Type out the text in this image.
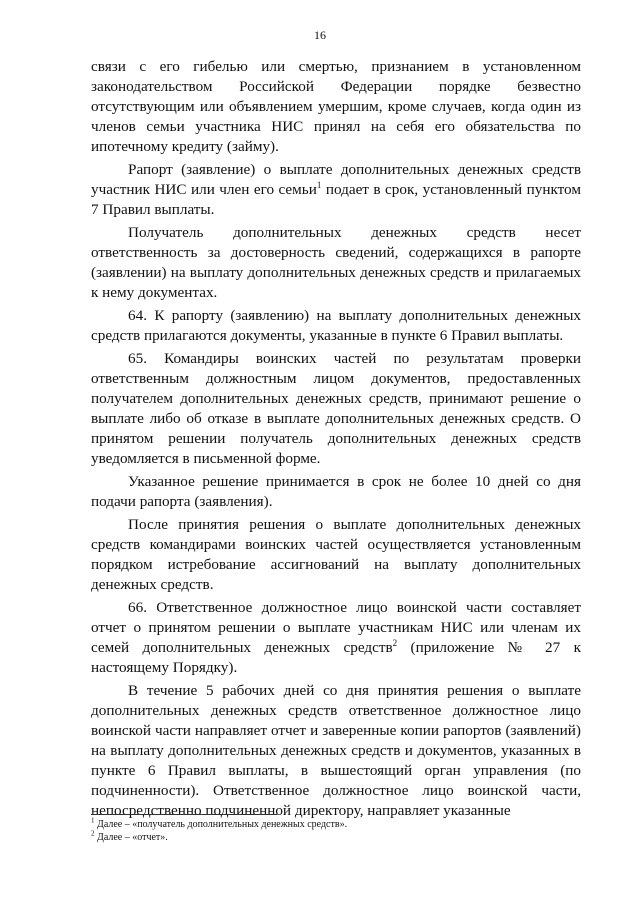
16

связи с его гибелью или смертью, признанием в установленном законодательством Российской Федерации порядке безвестно отсутствующим или объявлением умершим, кроме случаев, когда один из членов семьи участника НИС принял на себя его обязательства по ипотечному кредиту (займу).

Рапорт (заявление) о выплате дополнительных денежных средств участник НИС или член его семьи$^1$ подает в срок, установленный пунктом 7 Правил выплаты.

Получатель дополнительных денежных средств несет ответственность за достоверность сведений, содержащихся в рапорте (заявлении) на выплату дополнительных денежных средств и прилагаемых к нему документах.

64. К рапорту (заявлению) на выплату дополнительных денежных средств прилагаются документы, указанные в пункте 6 Правил выплаты.

65. Командиры воинских частей по результатам проверки ответственным должностным лицом документов, предоставленных получателем дополнительных денежных средств, принимают решение о выплате либо об отказе в выплате дополнительных денежных средств. О принятом решении получатель дополнительных денежных средств уведомляется в письменной форме.

Указанное решение принимается в срок не более 10 дней со дня подачи рапорта (заявления).

После принятия решения о выплате дополнительных денежных средств командирами воинских частей осуществляется установленным порядком истребование ассигнований на выплату дополнительных денежных средств.

66. Ответственное должностное лицо воинской части составляет отчет о принятом решении о выплате участникам НИС или членам их семей дополнительных денежных средств$^2$ (приложение № 27 к настоящему Порядку).

В течение 5 рабочих дней со дня принятия решения о выплате дополнительных денежных средств ответственное должностное лицо воинской части направляет отчет и заверенные копии рапортов (заявлений) на выплату дополнительных денежных средств и документов, указанных в пункте 6 Правил выплаты, в вышестоящий орган управления (по подчиненности). Ответственное должностное лицо воинской части, непосредственно подчиненной директору, направляет указанные

$^1$ Далее – «получатель дополнительных денежных средств».
$^2$ Далее – «отчет».
